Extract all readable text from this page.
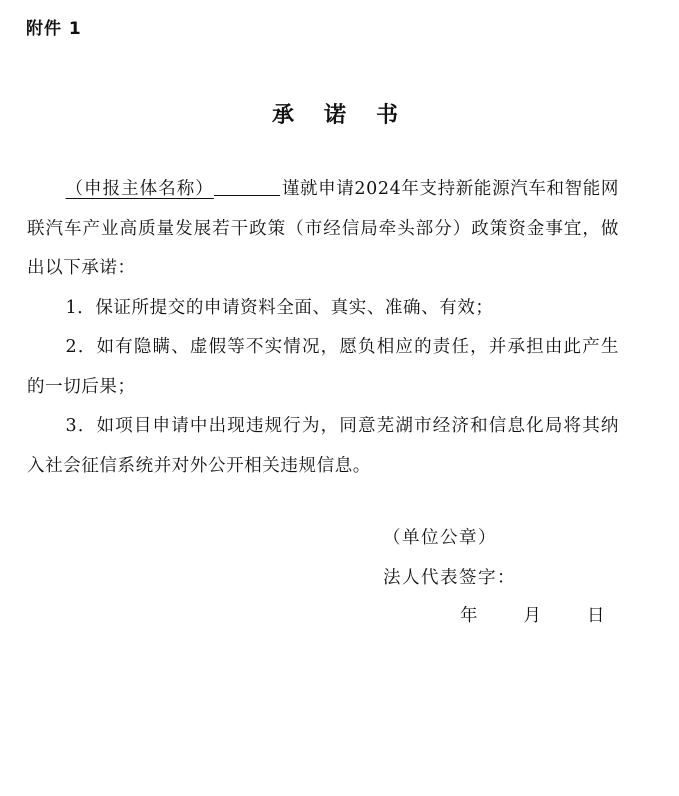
附件 1
承诺书

（申报主体名称）	谨就申请2024年支持新能源汽车和智能网联汽车产业高质量发展若干政策（市经信局牵头部分）政策资金事宜，做出以下承诺：

1．保证所提交的申请资料全面、真实、准确、有效；

2．如有隐瞒、虚假等不实情况，愿负相应的责任，并承担由此产生的一切后果；

3．如项目申请中出现违规行为，同意芜湖市经济和信息化局将其纳入社会征信系统并对外公开相关违规信息。

（单位公章）
法人代表签字：
年	月	日
